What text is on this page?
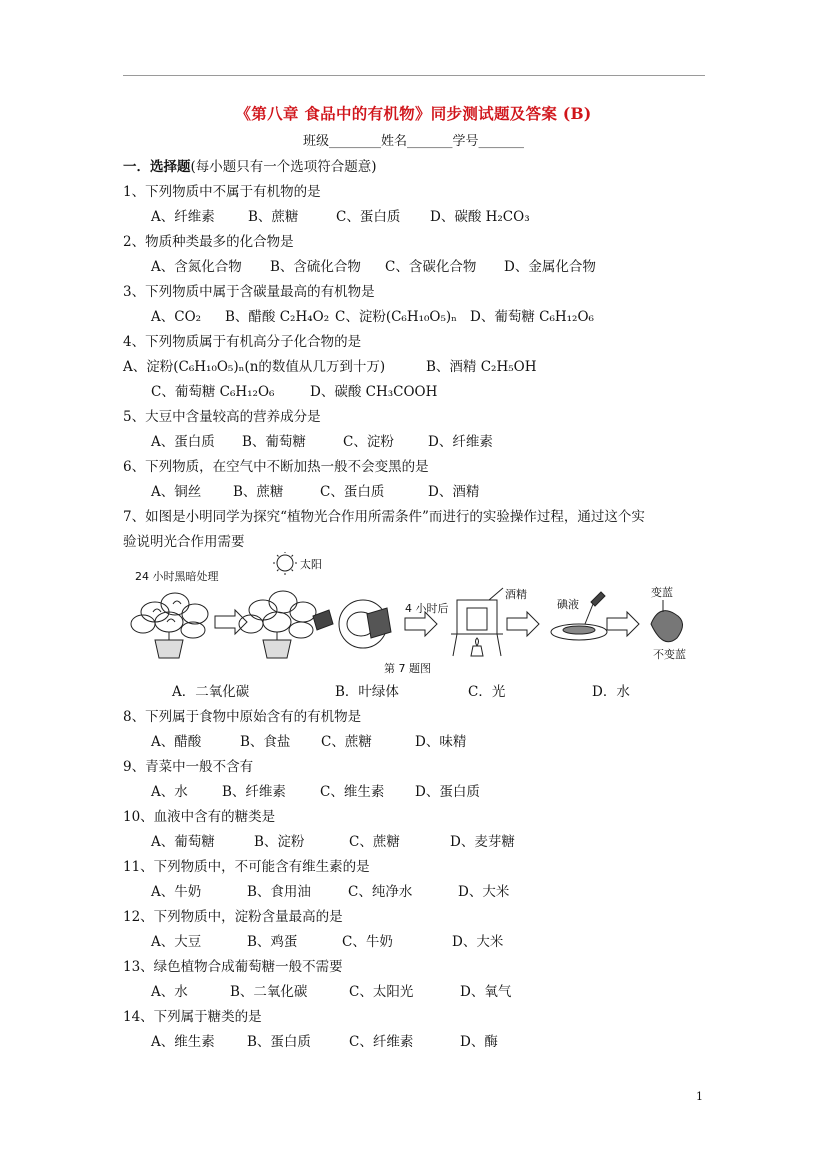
《第八章 食品中的有机物》同步测试题及答案 (B)
班级________姓名_______学号_______
一．选择题(每小题只有一个选项符合题意)
1、下列物质中不属于有机物的是
A、纤维素 B、蔗糖	C、蛋白质 D、碳酸 H₂CO₃
2、物质种类最多的化合物是
A、含氮化合物 B、含硫化合物 C、含碳化合物 D、金属化合物
3、下列物质中属于含碳量最高的有机物是
A、CO₂ B、醋酸 C₂H₄O₂ C、淀粉(C₆H₁₀O₅)ₙ D、葡萄糖 C₆H₁₂O₆
4、下列物质属于有机高分子化合物的是
A、淀粉(C₆H₁₀O₅)ₙ(n的数值从几万到十万)	B、酒精 C₂H₅OH
C、葡萄糖 C₆H₁₂O₆	D、碳酸 CH₃COOH
5、大豆中含量较高的营养成分是
A、蛋白质 B、葡萄糖	C、淀粉	D、纤维素
6、下列物质，在空气中不断加热一般不会变黑的是
A、铜丝 B、蔗糖	C、蛋白质	D、酒精
7、如图是小明同学为探究“植物光合作用所需条件”而进行的实验操作过程，通过这个实
验说明光合作用需要
24 小时黑暗处理
太阳
4 小时后
酒精
碘液
变蓝
不变蓝
第 7 题图
A．二氧化碳	B．叶绿体	C．光	D．水
8、下列属于食物中原始含有的有机物是
A、醋酸	B、食盐 C、蔗糖	D、味精
9、青菜中一般不含有
A、水	B、纤维素	C、维生素 D、蛋白质
10、血液中含有的糖类是
A、葡萄糖	B、淀粉	C、蔗糖	D、麦芽糖
11、下列物质中，不可能含有维生素的是
A、牛奶	B、食用油	C、纯净水	D、大米
12、下列物质中，淀粉含量最高的是
A、大豆	B、鸡蛋	C、牛奶	D、大米
13、绿色植物合成葡萄糖一般不需要
A、水	B、二氧化碳	C、太阳光	D、氧气
14、下列属于糖类的是
A、维生素 B、蛋白质	C、纤维素	D、酶
1
